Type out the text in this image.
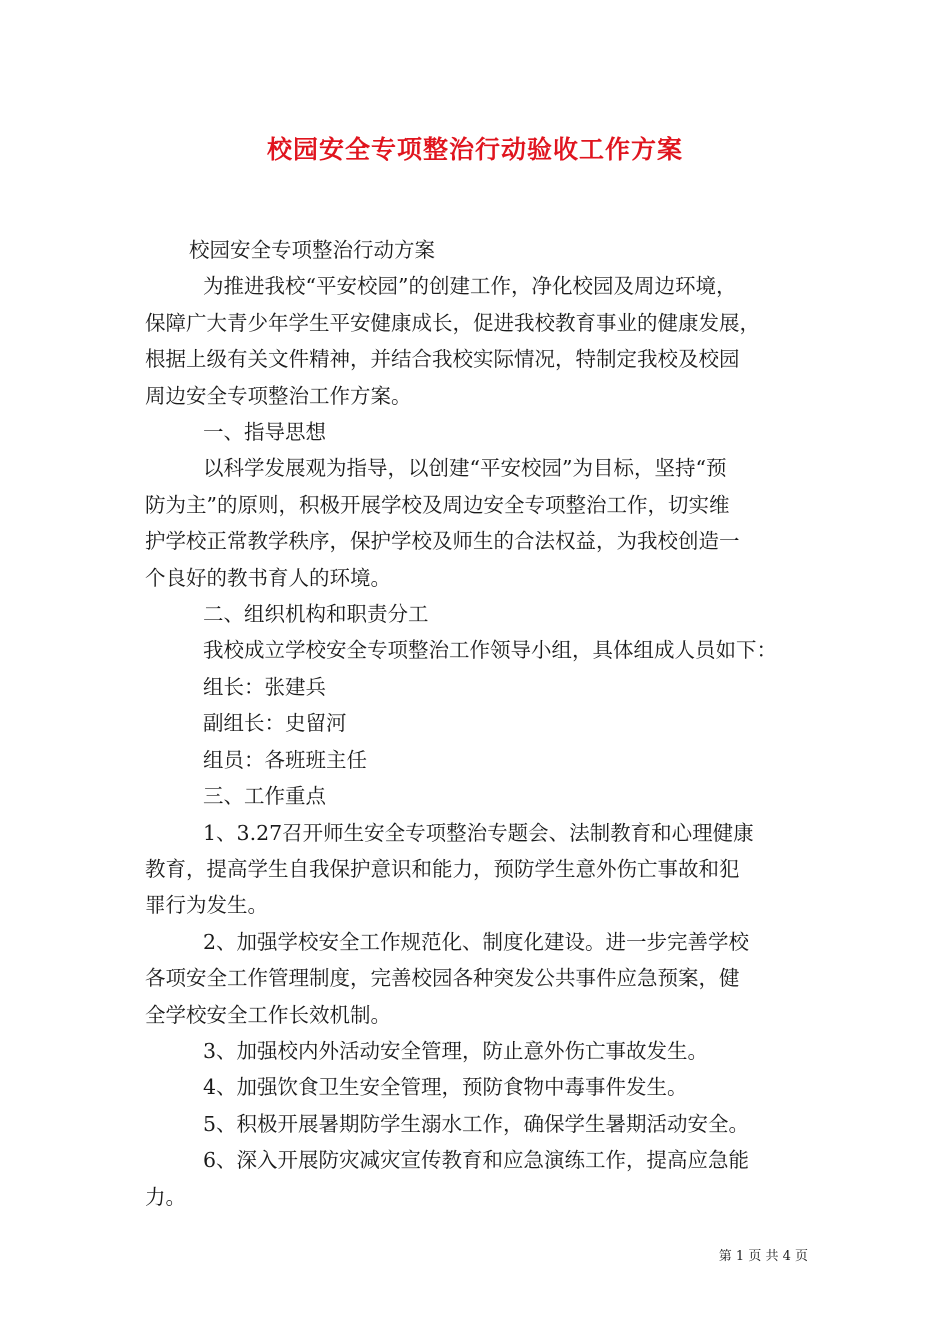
校园安全专项整治行动验收工作方案

校园安全专项整治行动方案

为推进我校“平安校园”的创建工作，净化校园及周边环境，

保障广大青少年学生平安健康成长，促进我校教育事业的健康发展，

根据上级有关文件精神，并结合我校实际情况，特制定我校及校园

周边安全专项整治工作方案。

一、指导思想

以科学发展观为指导，以创建“平安校园”为目标，坚持“预

防为主”的原则，积极开展学校及周边安全专项整治工作，切实维

护学校正常教学秩序，保护学校及师生的合法权益，为我校创造一

个良好的教书育人的环境。

二、组织机构和职责分工

我校成立学校安全专项整治工作领导小组，具体组成人员如下：

组长：张建兵

副组长：史留河

组员：各班班主任

三、工作重点

1、3.27召开师生安全专项整治专题会、法制教育和心理健康

教育，提高学生自我保护意识和能力，预防学生意外伤亡事故和犯

罪行为发生。

2、加强学校安全工作规范化、制度化建设。进一步完善学校

各项安全工作管理制度，完善校园各种突发公共事件应急预案，健

全学校安全工作长效机制。

3、加强校内外活动安全管理，防止意外伤亡事故发生。

4、加强饮食卫生安全管理，预防食物中毒事件发生。

5、积极开展暑期防学生溺水工作，确保学生暑期活动安全。

6、深入开展防灾减灾宣传教育和应急演练工作，提高应急能

力。

第 1 页 共 4 页
